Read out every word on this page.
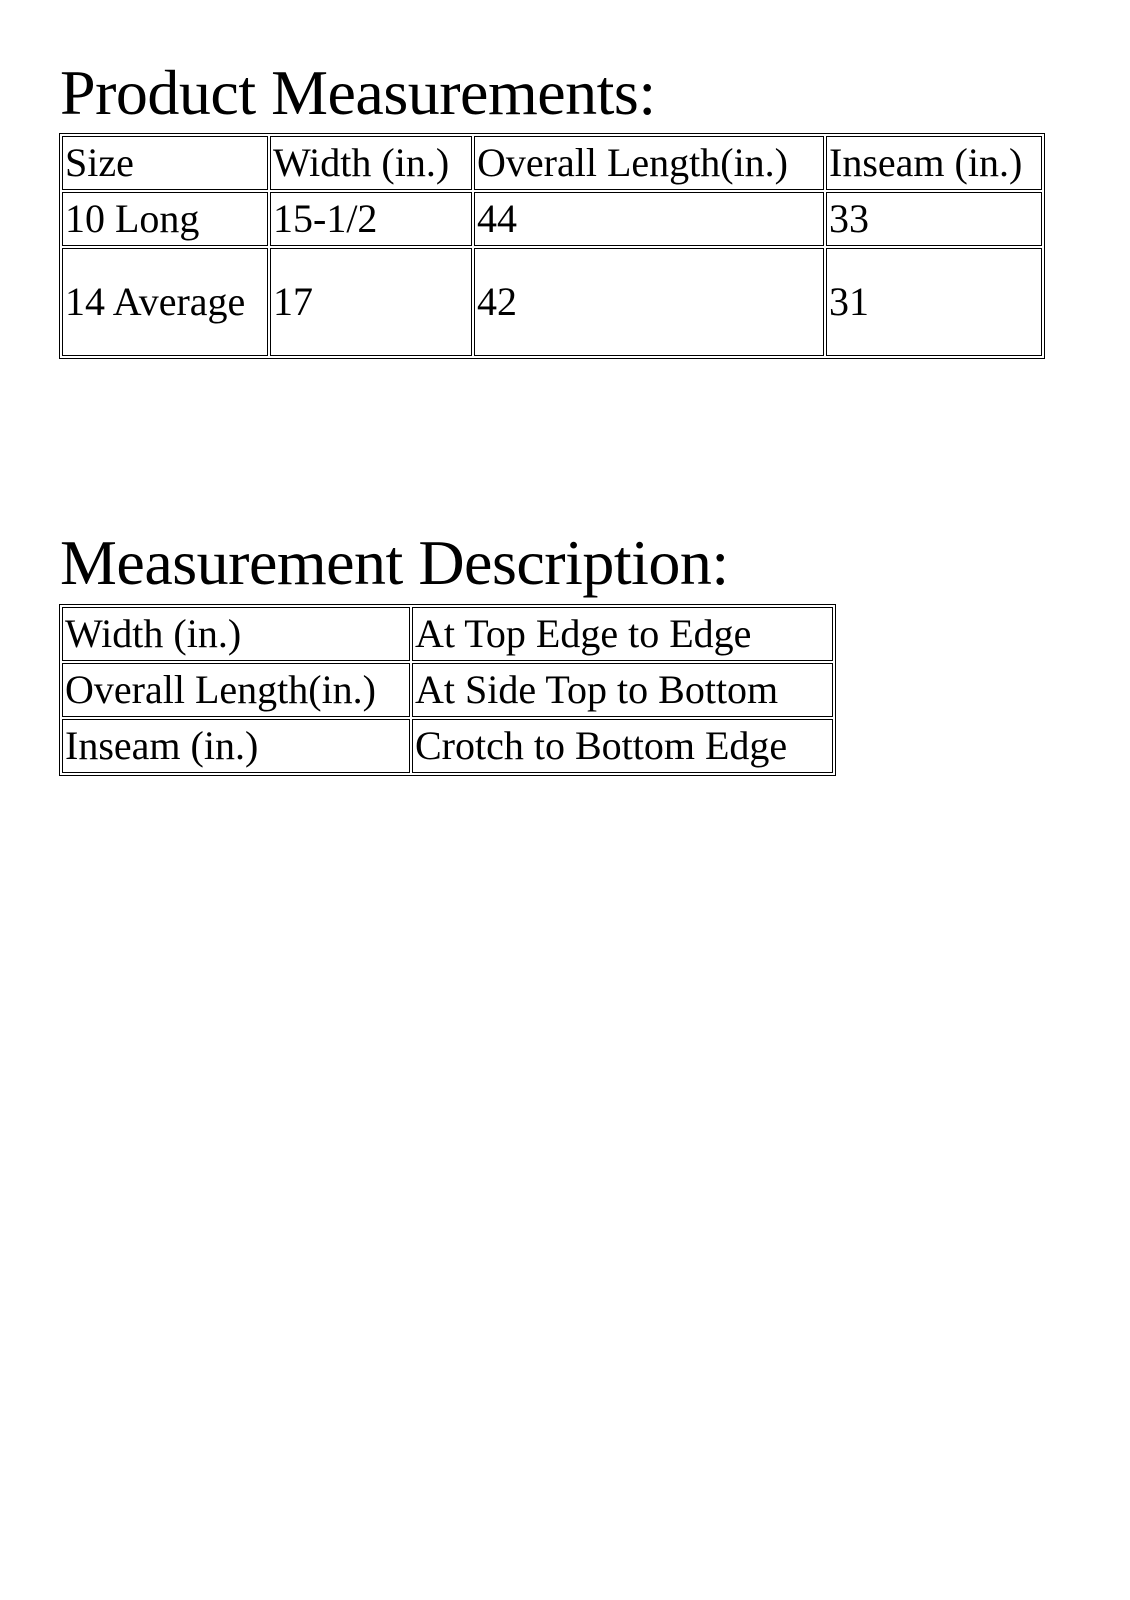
Product Measurements:
Size	Width (in.)	Overall Length(in.)	Inseam (in.)
10 Long	15-1/2	44	33
14 Average	17	42	31
Measurement Description:
Width (in.)	At Top Edge to Edge
Overall Length(in.)	At Side Top to Bottom
Inseam (in.)	Crotch to Bottom Edge
